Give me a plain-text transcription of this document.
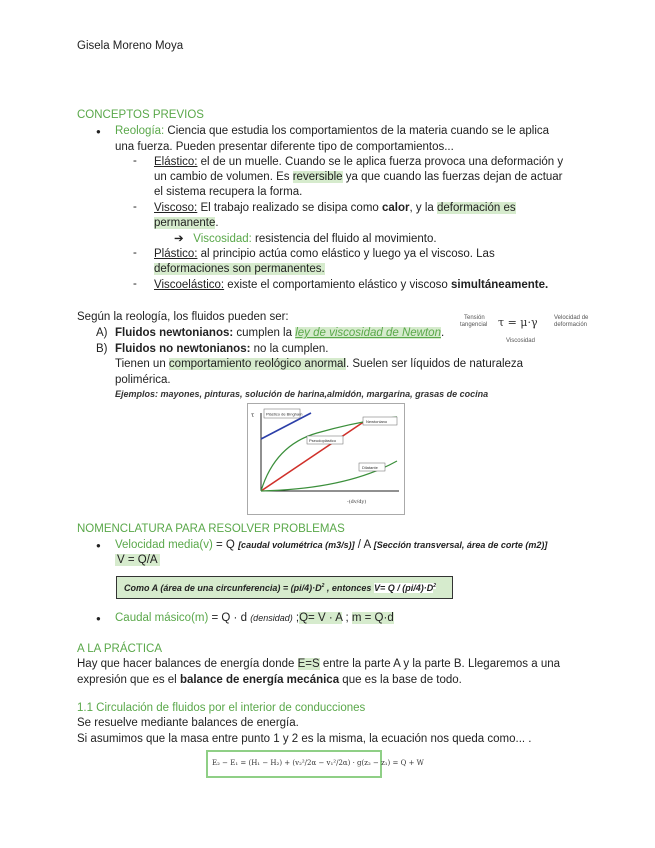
Gisela Moreno Moya
CONCEPTOS PREVIOS
● Reología: Ciencia que estudia los comportamientos de la materia cuando se le aplica
una fuerza. Pueden presentar diferente tipo de comportamientos...
- Elástico: el de un muelle. Cuando se le aplica fuerza provoca una deformación y
un cambio de volumen. Es reversible ya que cuando las fuerzas dejan de actuar
el sistema recupera la forma.
- Viscoso: El trabajo realizado se disipa como calor, y la deformación es
permanente.
➔ Viscosidad: resistencia del fluido al movimiento.
- Plástico: al principio actúa como elástico y luego ya el viscoso. Las
deformaciones son permanentes.
- Viscoelástico: existe el comportamiento elástico y viscoso simultáneamente.
Según la reología, los fluidos pueden ser:	Tensión
tangencial τ = μ·γ	Velocidad de
deformación
Viscosidad
A) Fluidos newtonianos: cumplen la ley de viscosidad de Newton.
B) Fluidos no newtonianos: no la cumplen.
Tienen un comportamiento reológico anormal. Suelen ser líquidos de naturaleza
polimérica.
Ejemplos: mayones, pinturas, solución de harina,almidón, margarina, grasas de cocina
τ	Plástico de Bingham
Newtoniano
Pseudoplástico
Dilatante
-(dv/dy)
NOMENCLATURA PARA RESOLVER PROBLEMAS
● Velocidad media(v) = Q [caudal volumétrica (m3/s)] / A [Sección transversal, área de corte (m2)]
V = Q/A
Como A (área de una circunferencia) = $(pi/4)\cdot D^2$ , entonces $V= Q / (pi/4)\cdot D^2$
● Caudal másico(m) = Q · d (densidad) ;Q= V · A ; m = Q·d
A LA PRÁCTICA
Hay que hacer balances de energía donde E=S entre la parte A y la parte B. Llegaremos a una
expresión que es el balance de energía mecánica que es la base de todo.
1.1 Circulación de fluidos por el interior de conducciones
Se resuelve mediante balances de energía.
Si asumimos que la masa entre punto 1 y 2 es la misma, la ecuación nos queda como... .
E₂ − E₁ = (H₁ − H₂) + (v₂²/2α − v₁²/2α) · g(z₂ − z₁) = Q + W
